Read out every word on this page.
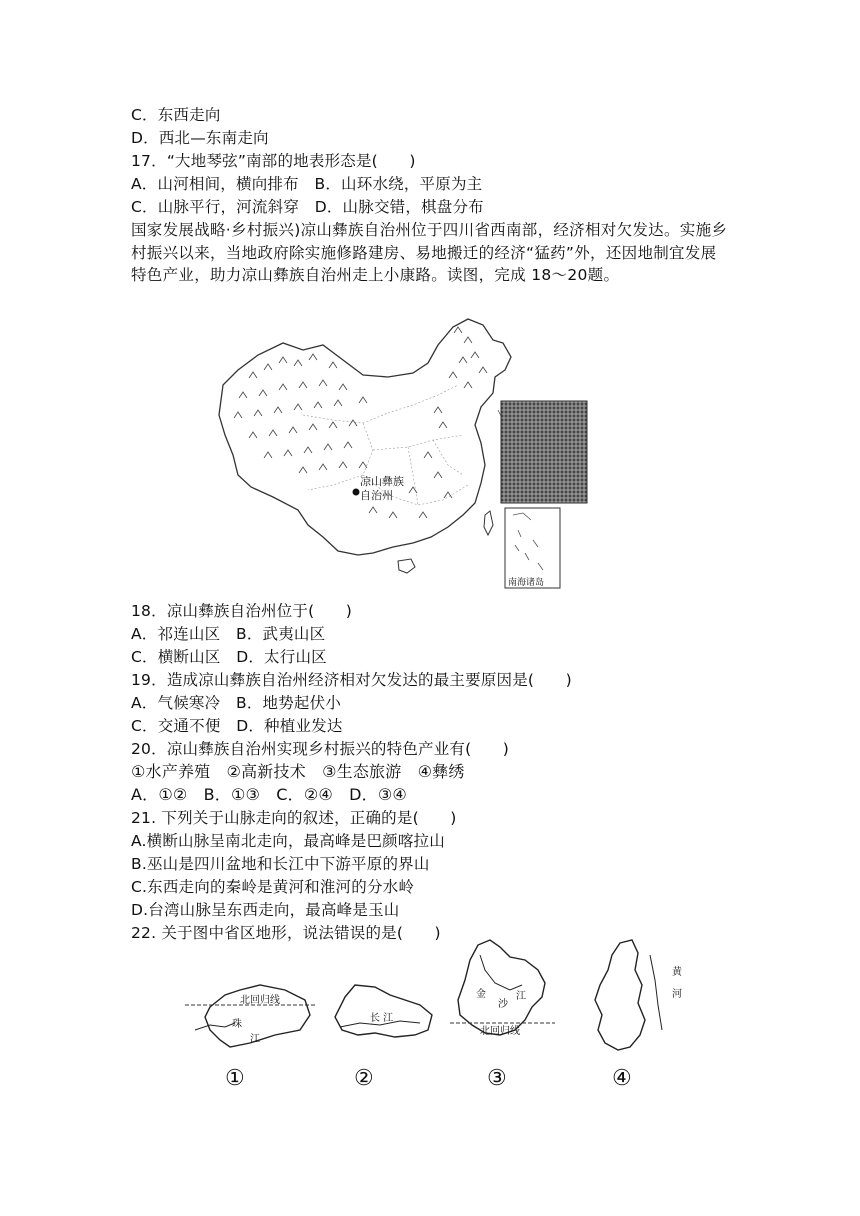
C．东西走向
D．西北—东南走向
17．“大地琴弦”南部的地表形态是(　　)
A．山河相间，横向排布　B．山环水绕，平原为主
C．山脉平行，河流斜穿　D．山脉交错，棋盘分布
国家发展战略·乡村振兴)凉山彝族自治州位于四川省西南部，经济相对欠发达。实施乡村振兴以来，当地政府除实施修路建房、易地搬迁的经济“猛药”外，还因地制宜发展特色产业，助力凉山彝族自治州走上小康路。读图，完成 18～20题。
凉山彝族
自治州
南海诸岛
18．凉山彝族自治州位于(　　)
A．祁连山区　B．武夷山区
C．横断山区　D．太行山区
19．造成凉山彝族自治州经济相对欠发达的最主要原因是(　　)
A．气候寒冷　B．地势起伏小
C．交通不便　D．种植业发达
20．凉山彝族自治州实现乡村振兴的特色产业有(　　)
①水产养殖　②高新技术　③生态旅游　④彝绣
A．①②　B．①③　C．②④　D．③④
21. 下列关于山脉走向的叙述，正确的是(　　)
A.横断山脉呈南北走向，最高峰是巴颜喀拉山
B.巫山是四川盆地和长江中下游平原的界山
C.东西走向的秦岭是黄河和淮河的分水岭
D.台湾山脉呈东西走向，最高峰是玉山
22. 关于图中省区地形，说法错误的是(　　)
北回归线
珠
江
长 江
金
沙
江
北回归线
黄
河
①	②	③	④
